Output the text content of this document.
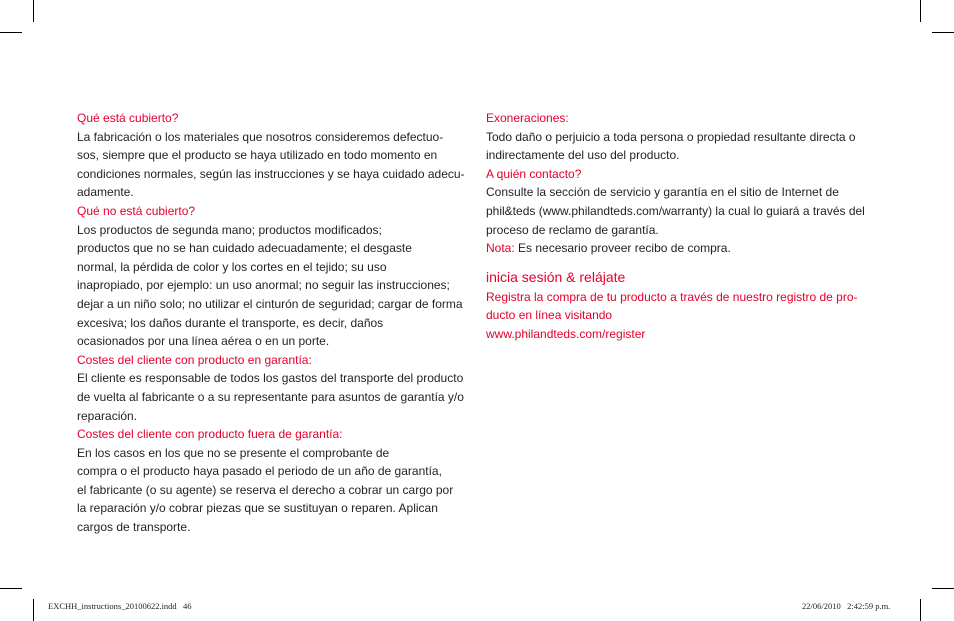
Qué está cubierto?
La fabricación o los materiales que nosotros consideremos defectuo-
sos, siempre que el producto se haya utilizado en todo momento en
condiciones normales, según las instrucciones y se haya cuidado adecu-
adamente.
Qué no está cubierto?
Los productos de segunda mano; productos modificados;
productos que no se han cuidado adecuadamente; el desgaste
normal, la pérdida de color y los cortes en el tejido; su uso
inapropiado, por ejemplo: un uso anormal; no seguir las instrucciones;
dejar a un niño solo; no utilizar el cinturón de seguridad; cargar de forma
excesiva; los daños durante el transporte, es decir, daños
ocasionados por una línea aérea o en un porte.
Costes del cliente con producto en garantía:
El cliente es responsable de todos los gastos del transporte del producto
de vuelta al fabricante o a su representante para asuntos de garantía y/o
reparación.
Costes del cliente con producto fuera de garantía:
En los casos en los que no se presente el comprobante de
compra o el producto haya pasado el periodo de un año de garantía,
el fabricante (o su agente) se reserva el derecho a cobrar un cargo por
la reparación y/o cobrar piezas que se sustituyan o reparen. Aplican
cargos de transporte.
Exoneraciones:
Todo daño o perjuicio a toda persona o propiedad resultante directa o
indirectamente del uso del producto.
A quién contacto?
Consulte la sección de servicio y garantía en el sitio de Internet de
phil&teds (www.philandteds.com/warranty) la cual lo guiará a través del
proceso de reclamo de garantía.
Nota: Es necesario proveer recibo de compra.
inicia sesión & relájate
Registra la compra de tu producto a través de nuestro registro de pro-
ducto en línea visitando
www.philandteds.com/register
EXCHH_instructions_20100622.indd   46	22/06/2010   2:42:59 p.m.
